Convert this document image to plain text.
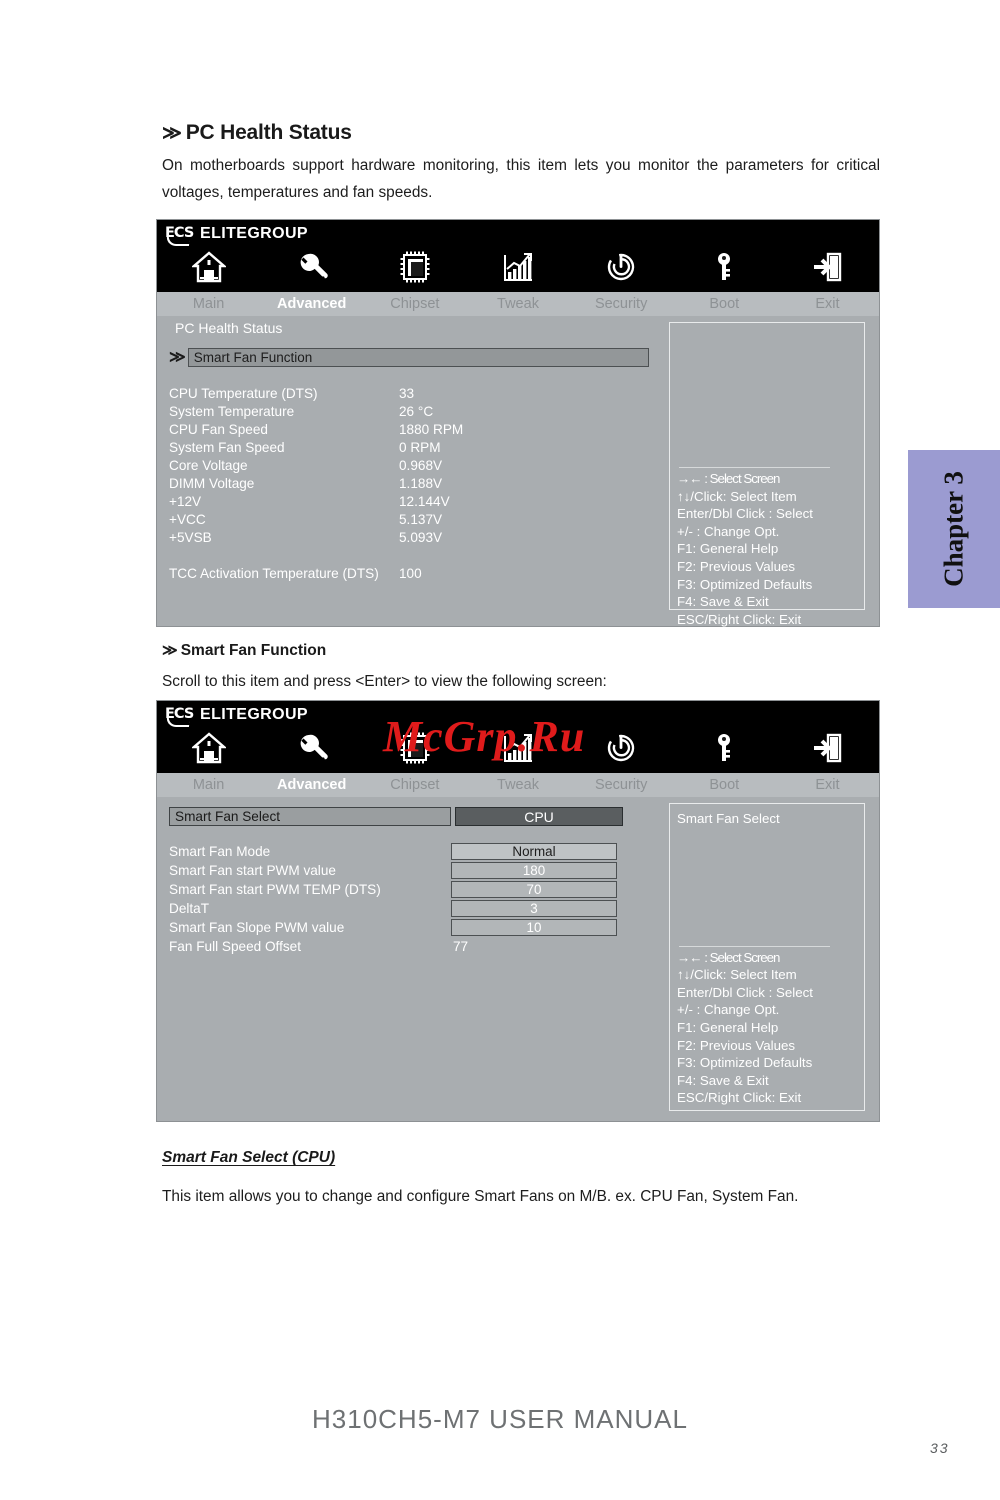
Chapter 3
≫ PC Health Status
On motherboards support hardware monitoring, this item lets you monitor the parameters for critical voltages, temperatures and fan speeds.
ECS ELITEGROUP
Main	Advanced	Chipset	Tweak	Security	Boot	Exit
PC Health Status
≫ Smart Fan Function
CPU Temperature (DTS)	33
System Temperature	26 °C
CPU Fan Speed	1880 RPM
System Fan Speed	0 RPM
Core Voltage	0.968V
DIMM Voltage	1.188V
+12V	12.144V
+VCC	5.137V
+5VSB	5.093V
TCC Activation Temperature (DTS)	100
→← : Select Screen
↑↓/Click: Select Item
Enter/Dbl Click : Select
+/- : Change Opt.
F1: General Help
F2: Previous Values
F3: Optimized Defaults
F4: Save & Exit
ESC/Right Click: Exit
≫ Smart Fan Function
Scroll to this item and press <Enter> to view the following screen:
ECS ELITEGROUP McGrp.Ru
Main	Advanced	Chipset	Tweak	Security	Boot	Exit
Smart Fan Select	CPU
Smart Fan Mode	Normal
Smart Fan start PWM value	180
Smart Fan start PWM TEMP (DTS)	70
DeltaT	3
Smart Fan Slope PWM value	10
Fan Full Speed Offset	77
Smart Fan Select
→← : Select Screen
↑↓/Click: Select Item
Enter/Dbl Click : Select
+/- : Change Opt.
F1: General Help
F2: Previous Values
F3: Optimized Defaults
F4: Save & Exit
ESC/Right Click: Exit
Smart Fan Select (CPU)
This item allows you to change and configure Smart Fans on M/B. ex. CPU Fan, System Fan.
H310CH5-M7 USER MANUAL
33
